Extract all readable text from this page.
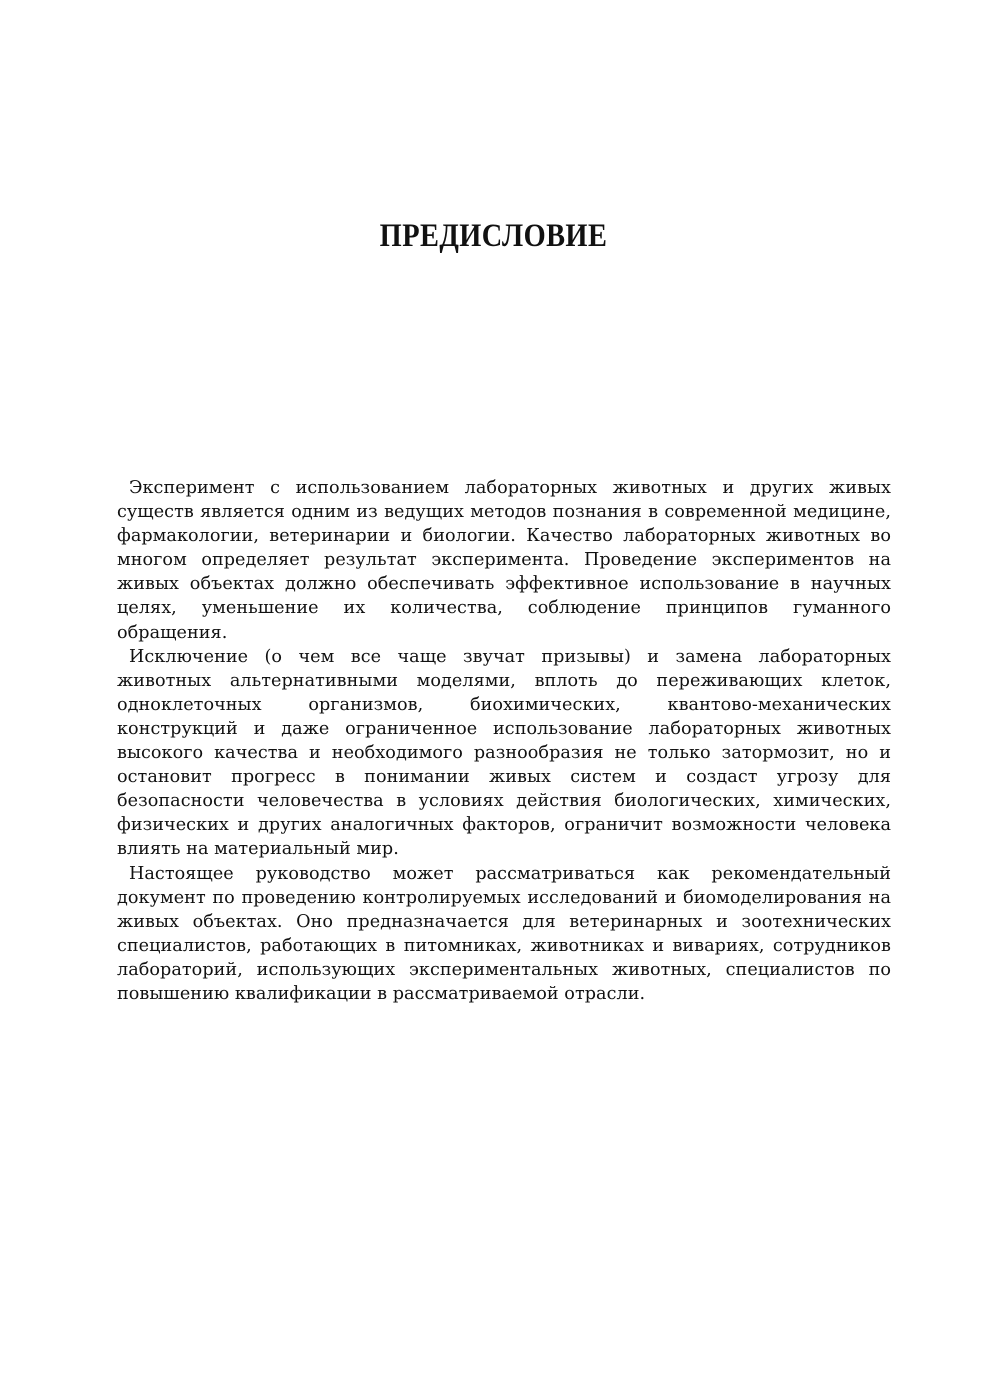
ПРЕДИСЛОВИЕ

Эксперимент с использованием лабораторных животных и других живых существ является одним из ведущих методов познания в современной медицине, фармакологии, ветеринарии и биологии. Качество лабораторных животных во многом определяет результат эксперимента. Проведение экспериментов на живых объектах должно обеспечивать эффективное использование в научных целях, уменьшение их количества, соблюдение принципов гуманного обращения.

Исключение (о чем все чаще звучат призывы) и замена лабораторных животных альтернативными моделями, вплоть до переживающих клеток, одноклеточных организмов, биохимических, квантово-механических конструкций и даже ограниченное использование лабораторных животных высокого качества и необходимого разнообразия не только затормозит, но и остановит прогресс в понимании живых систем и создаст угрозу для безопасности человечества в условиях действия биологических, химических, физических и других аналогичных факторов, ограничит возможности человека влиять на материальный мир.

Настоящее руководство может рассматриваться как рекомендательный документ по проведению контролируемых исследований и биомоделирования на живых объектах. Оно предназначается для ветеринарных и зоотехнических специалистов, работающих в питомниках, животниках и вивариях, сотрудников лабораторий, использующих экспериментальных животных, специалистов по повышению квалификации в рассматриваемой отрасли.
